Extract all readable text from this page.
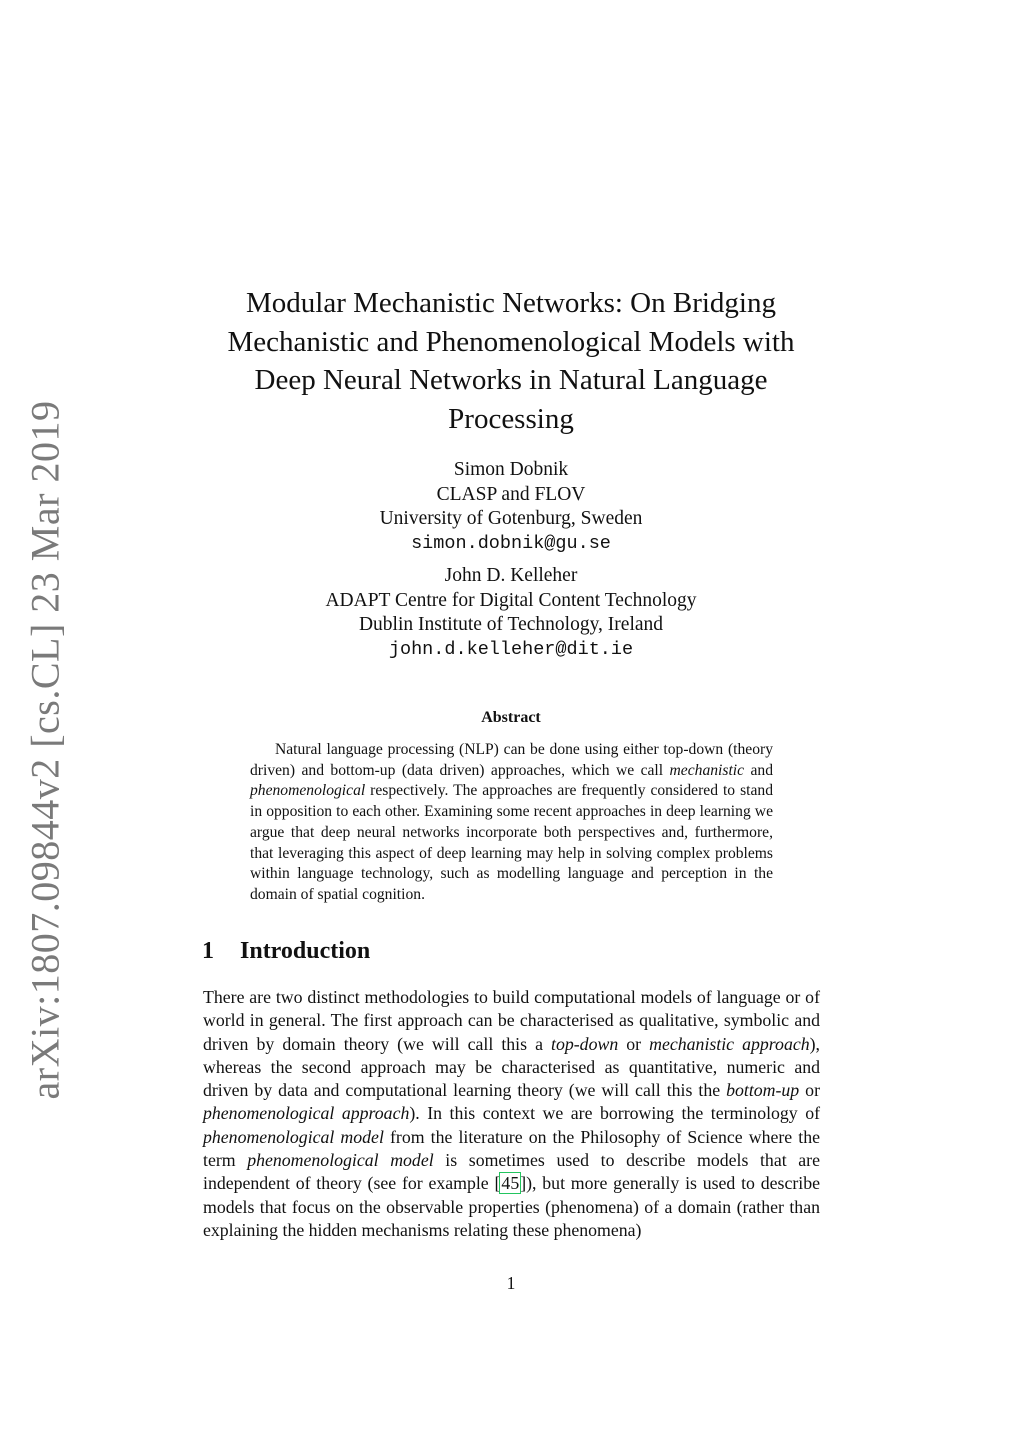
arXiv:1807.09844v2 [cs.CL] 23 Mar 2019
Modular Mechanistic Networks: On Bridging
Mechanistic and Phenomenological Models with
Deep Neural Networks in Natural Language
Processing
Simon Dobnik
CLASP and FLOV
University of Gotenburg, Sweden
simon.dobnik@gu.se
John D. Kelleher
ADAPT Centre for Digital Content Technology
Dublin Institute of Technology, Ireland
john.d.kelleher@dit.ie
Abstract

Natural language processing (NLP) can be done using either top-down (theory driven) and bottom-up (data driven) approaches, which we call mechanistic and phenomenological respectively. The approaches are frequently considered to stand in opposition to each other. Examining some recent approaches in deep learning we argue that deep neural networks incorporate both perspectives and, furthermore, that leveraging this aspect of deep learning may help in solving complex problems within language technology, such as modelling language and perception in the domain of spatial cognition.

1 Introduction

There are two distinct methodologies to build computational models of language or of world in general. The first approach can be characterised as qualitative, symbolic and driven by domain theory (we will call this a top-down or mechanistic approach), whereas the second approach may be characterised as quantitative, numeric and driven by data and computational learning theory (we will call this the bottom-up or phenomenological approach). In this context we are borrowing the terminology of phenomenological model from the literature on the Philosophy of Science where the term phenomenological model is sometimes used to describe models that are independent of theory (see for example [45]), but more generally is used to describe models that focus on the observable properties (phenomena) of a domain (rather than explaining the hidden mechanisms relating these phenomena)

1
